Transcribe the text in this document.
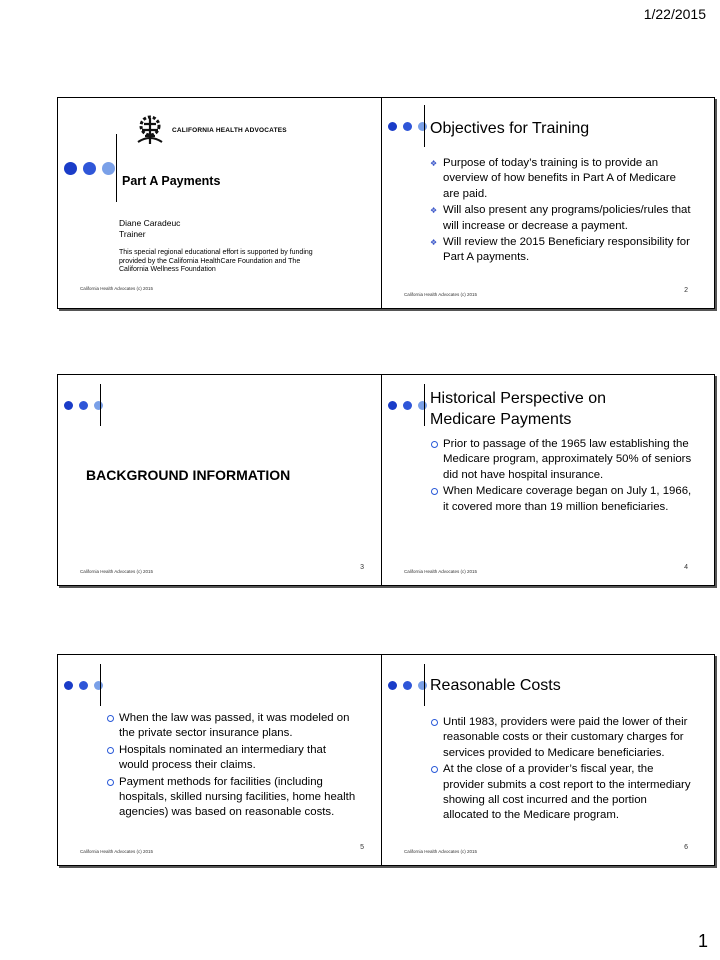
1/22/2015
CALIFORNIA HEALTH ADVOCATES
Part A Payments
Diane Caradeuc
Trainer
This special regional educational effort is supported by funding provided by the California HealthCare Foundation and The California Wellness Foundation
California Health Advocates (c) 2015
Objectives for Training
❖ Purpose of today’s training is to provide an overview of how benefits in Part A of Medicare are paid.
❖ Will also present any programs/policies/rules that will increase or decrease a payment.
❖ Will review the 2015 Beneficiary responsibility for Part A payments.
California Health Advocates (c) 2015
2
BACKGROUND INFORMATION
California Health Advocates (c) 2015
3
Historical Perspective on Medicare Payments
Prior to passage of the 1965 law establishing the Medicare program, approximately 50% of seniors did not have hospital insurance.
When Medicare coverage began on July 1, 1966, it covered more than 19 million beneficiaries.
California Health Advocates (c) 2015
4
When the law was passed, it was modeled on the private sector insurance plans.
Hospitals nominated an intermediary that would process their claims.
Payment methods for facilities (including hospitals, skilled nursing facilities, home health agencies) was based on reasonable costs.
California Health Advocates (c) 2015
5
Reasonable Costs
Until 1983, providers were paid the lower of their reasonable costs or their customary charges for services provided to Medicare beneficiaries.
At the close of a provider’s fiscal year, the provider submits a cost report to the intermediary showing all cost incurred and the portion allocated to the Medicare program.
California Health Advocates (c) 2015
6
1
